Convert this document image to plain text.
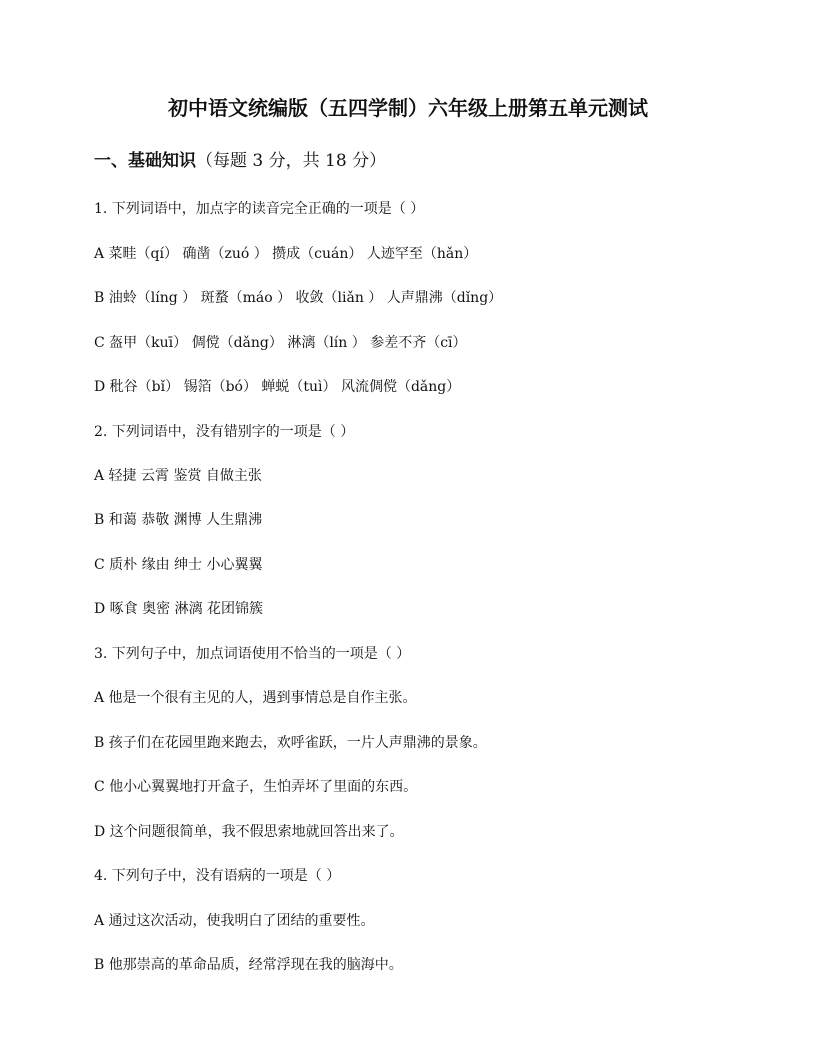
初中语文统编版（五四学制）六年级上册第五单元测试
一、基础知识（每题 3 分，共 18 分）
1. 下列词语中，加点字的读音完全正确的一项是（ ）
A 菜畦（qí） 确凿（zuó ） 攒成（cuán） 人迹罕至（hǎn）
B 油蛉（líng ） 斑蝥（máo ） 收敛（liǎn ） 人声鼎沸（dǐng）
C 盔甲（kuī） 倜傥（dǎng） 淋漓（lín ） 参差不齐（cī）
D 秕谷（bǐ） 锡箔（bó） 蝉蜕（tuì） 风流倜傥（dǎng）
2. 下列词语中，没有错别字的一项是（ ）
A 轻捷 云霄 鉴赏 自做主张
B 和蔼 恭敬 渊博 人生鼎沸
C 质朴 缘由 绅士 小心翼翼
D 啄食 奥密 淋漓 花团锦簇
3. 下列句子中，加点词语使用不恰当的一项是（ ）
A 他是一个很有主见的人，遇到事情总是自作主张。
B 孩子们在花园里跑来跑去，欢呼雀跃，一片人声鼎沸的景象。
C 他小心翼翼地打开盒子，生怕弄坏了里面的东西。
D 这个问题很简单，我不假思索地就回答出来了。
4. 下列句子中，没有语病的一项是（ ）
A 通过这次活动，使我明白了团结的重要性。
B 他那崇高的革命品质，经常浮现在我的脑海中。
